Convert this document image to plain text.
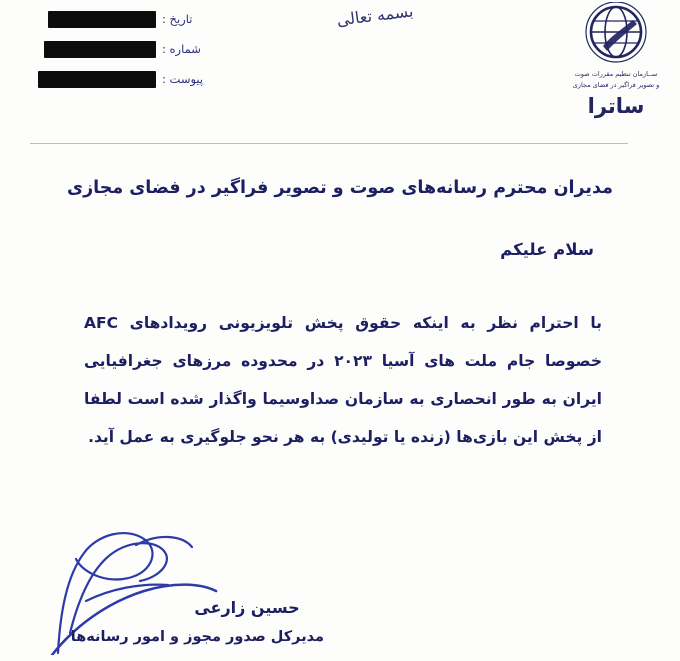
تاریخ :
شماره :
پیوست :
بسمه تعالی
ســازمان تنظیم مقررات صوت
و تصویر فراگیر در فضای مجازی
ساترا
مدیران محترم رسانه‌های صوت و تصویر فراگیر در فضای مجازی
سلام علیکم
با احترام نظر به اینکه حقوق پخش تلویزیونی رویدادهای AFC خصوصا جام ملت های آسیا ۲۰۲۳ در محدوده مرزهای جغرافیایی ایران به طور انحصاری به سازمان صداوسیما واگذار شده است لطفا از پخش این بازی‌ها (زنده یا تولیدی) به هر نحو جلوگیری به عمل آید.
حسین زارعی
مدیرکل صدور مجوز و امور رسانه‌ها
